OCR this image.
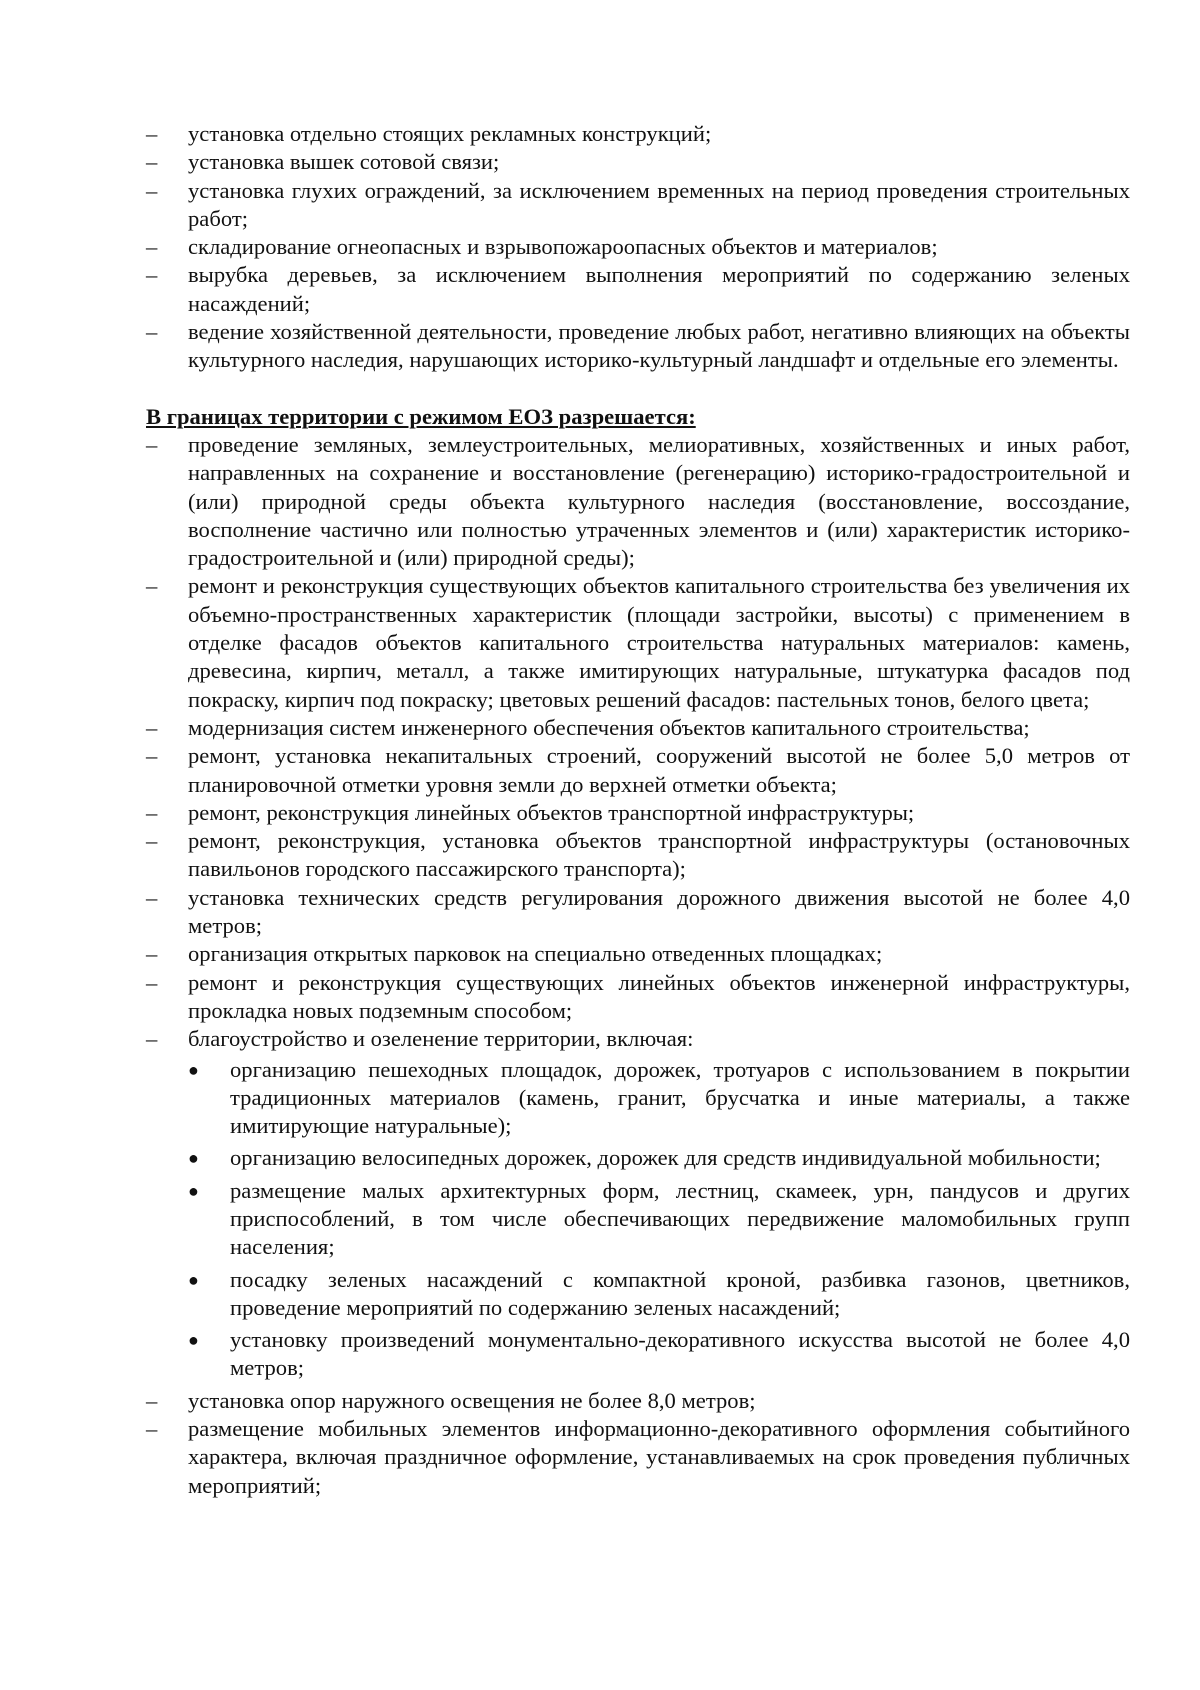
–	установка отдельно стоящих рекламных конструкций;
–	установка вышек сотовой связи;
–	установка глухих ограждений, за исключением временных на период проведения строительных работ;
–	складирование огнеопасных и взрывопожароопасных объектов и материалов;
–	вырубка деревьев, за исключением выполнения мероприятий по содержанию зеленых насаждений;
–	ведение хозяйственной деятельности, проведение любых работ, негативно влияющих на объекты культурного наследия, нарушающих историко-культурный ландшафт и отдельные его элементы.
В границах территории с режимом ЕОЗ разрешается:
–	проведение земляных, землеустроительных, мелиоративных, хозяйственных и иных работ, направленных на сохранение и восстановление (регенерацию) историко-градостроительной и (или) природной среды объекта культурного наследия (восстановление, воссоздание, восполнение частично или полностью утраченных элементов и (или) характеристик историко-градостроительной и (или) природной среды);
–	ремонт и реконструкция существующих объектов капитального строительства без увеличения их объемно-пространственных характеристик (площади застройки, высоты) с применением в отделке фасадов объектов капитального строительства натуральных материалов: камень, древесина, кирпич, металл, а также имитирующих натуральные, штукатурка фасадов под покраску, кирпич под покраску; цветовых решений фасадов: пастельных тонов, белого цвета;
–	модернизация систем инженерного обеспечения объектов капитального строительства;
–	ремонт, установка некапитальных строений, сооружений высотой не более 5,0 метров от планировочной отметки уровня земли до верхней отметки объекта;
–	ремонт, реконструкция линейных объектов транспортной инфраструктуры;
–	ремонт, реконструкция, установка объектов транспортной инфраструктуры (остановочных павильонов городского пассажирского транспорта);
–	установка технических средств регулирования дорожного движения высотой не более 4,0 метров;
–	организация открытых парковок на специально отведенных площадках;
–	ремонт и реконструкция существующих линейных объектов инженерной инфраструктуры, прокладка новых подземным способом;
–	благоустройство и озеленение территории, включая:
● организацию пешеходных площадок, дорожек, тротуаров с использованием в покрытии традиционных материалов (камень, гранит, брусчатка и иные материалы, а также имитирующие натуральные);
● организацию велосипедных дорожек, дорожек для средств индивидуальной мобильности;
● размещение малых архитектурных форм, лестниц, скамеек, урн, пандусов и других приспособлений, в том числе обеспечивающих передвижение маломобильных групп населения;
● посадку зеленых насаждений с компактной кроной, разбивка газонов, цветников, проведение мероприятий по содержанию зеленых насаждений;
● установку произведений монументально-декоративного искусства высотой не более 4,0 метров;
–	установка опор наружного освещения не более 8,0 метров;
–	размещение мобильных элементов информационно-декоративного оформления событийного характера, включая праздничное оформление, устанавливаемых на срок проведения публичных мероприятий;
